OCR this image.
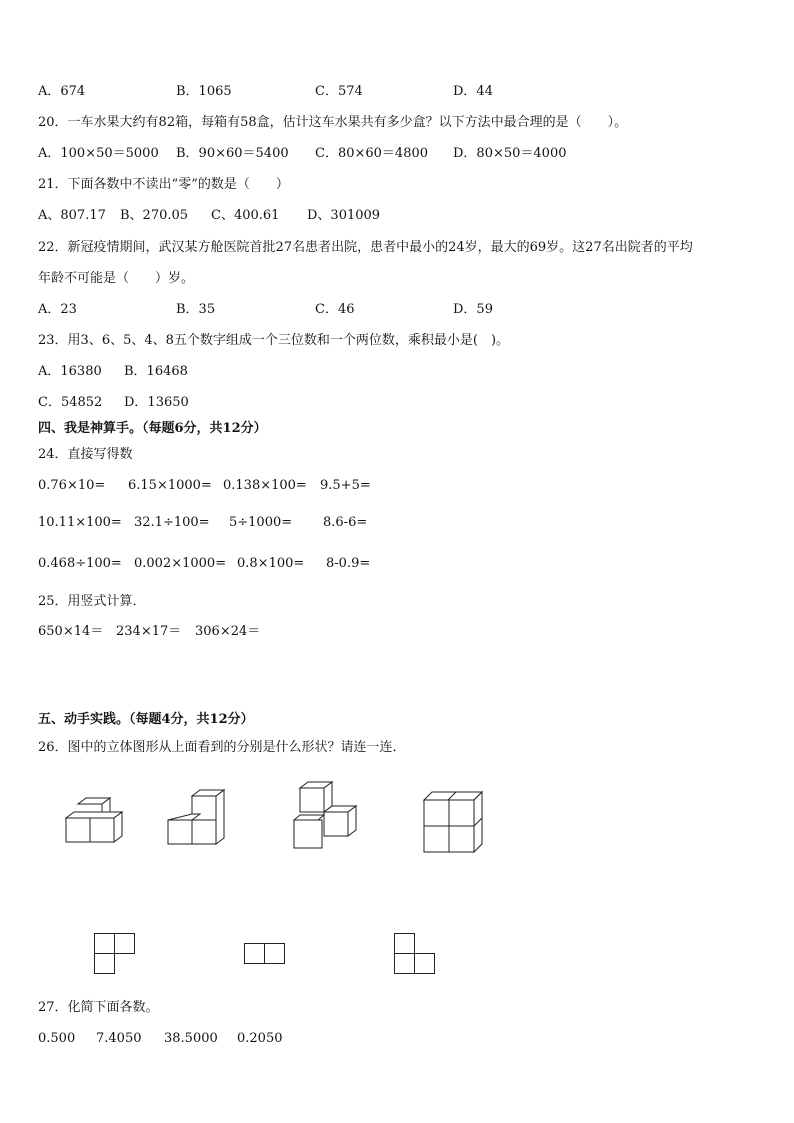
A．674	B．1065	C．574	D．44
20．一车水果大约有82箱，每箱有58盒，估计这车水果共有多少盒？以下方法中最合理的是（　　）。
A．100×50＝5000 B．90×60＝5400 C．80×60＝4800 D．80×50＝4000
21．下面各数中不读出“零”的数是（　　）
A、807.17 B、270.05 C、400.61 D、301009
22．新冠疫情期间，武汉某方舱医院首批27名患者出院，患者中最小的24岁，最大的69岁。这27名出院者的平均
年龄不可能是（　　）岁。
A．23	B．35	C．46	D．59
23．用3、6、5、4、8五个数字组成一个三位数和一个两位数，乘积最小是(　)。
A．16380 B．16468
C．54852 D．13650
四、我是神算手。（每题6分，共12分）
24．直接写得数
0.76×10= 6.15×1000= 0.138×100= 9.5+5=
10.11×100= 32.1÷100= 5÷1000= 8.6-6=
0.468÷100= 0.002×1000= 0.8×100= 8-0.9=
25．用竖式计算．
650×14＝ 234×17＝ 306×24＝
五、动手实践。（每题4分，共12分）
26．图中的立体图形从上面看到的分别是什么形状？请连一连．
27．化简下面各数。
0.500 7.4050 38.5000 0.2050
